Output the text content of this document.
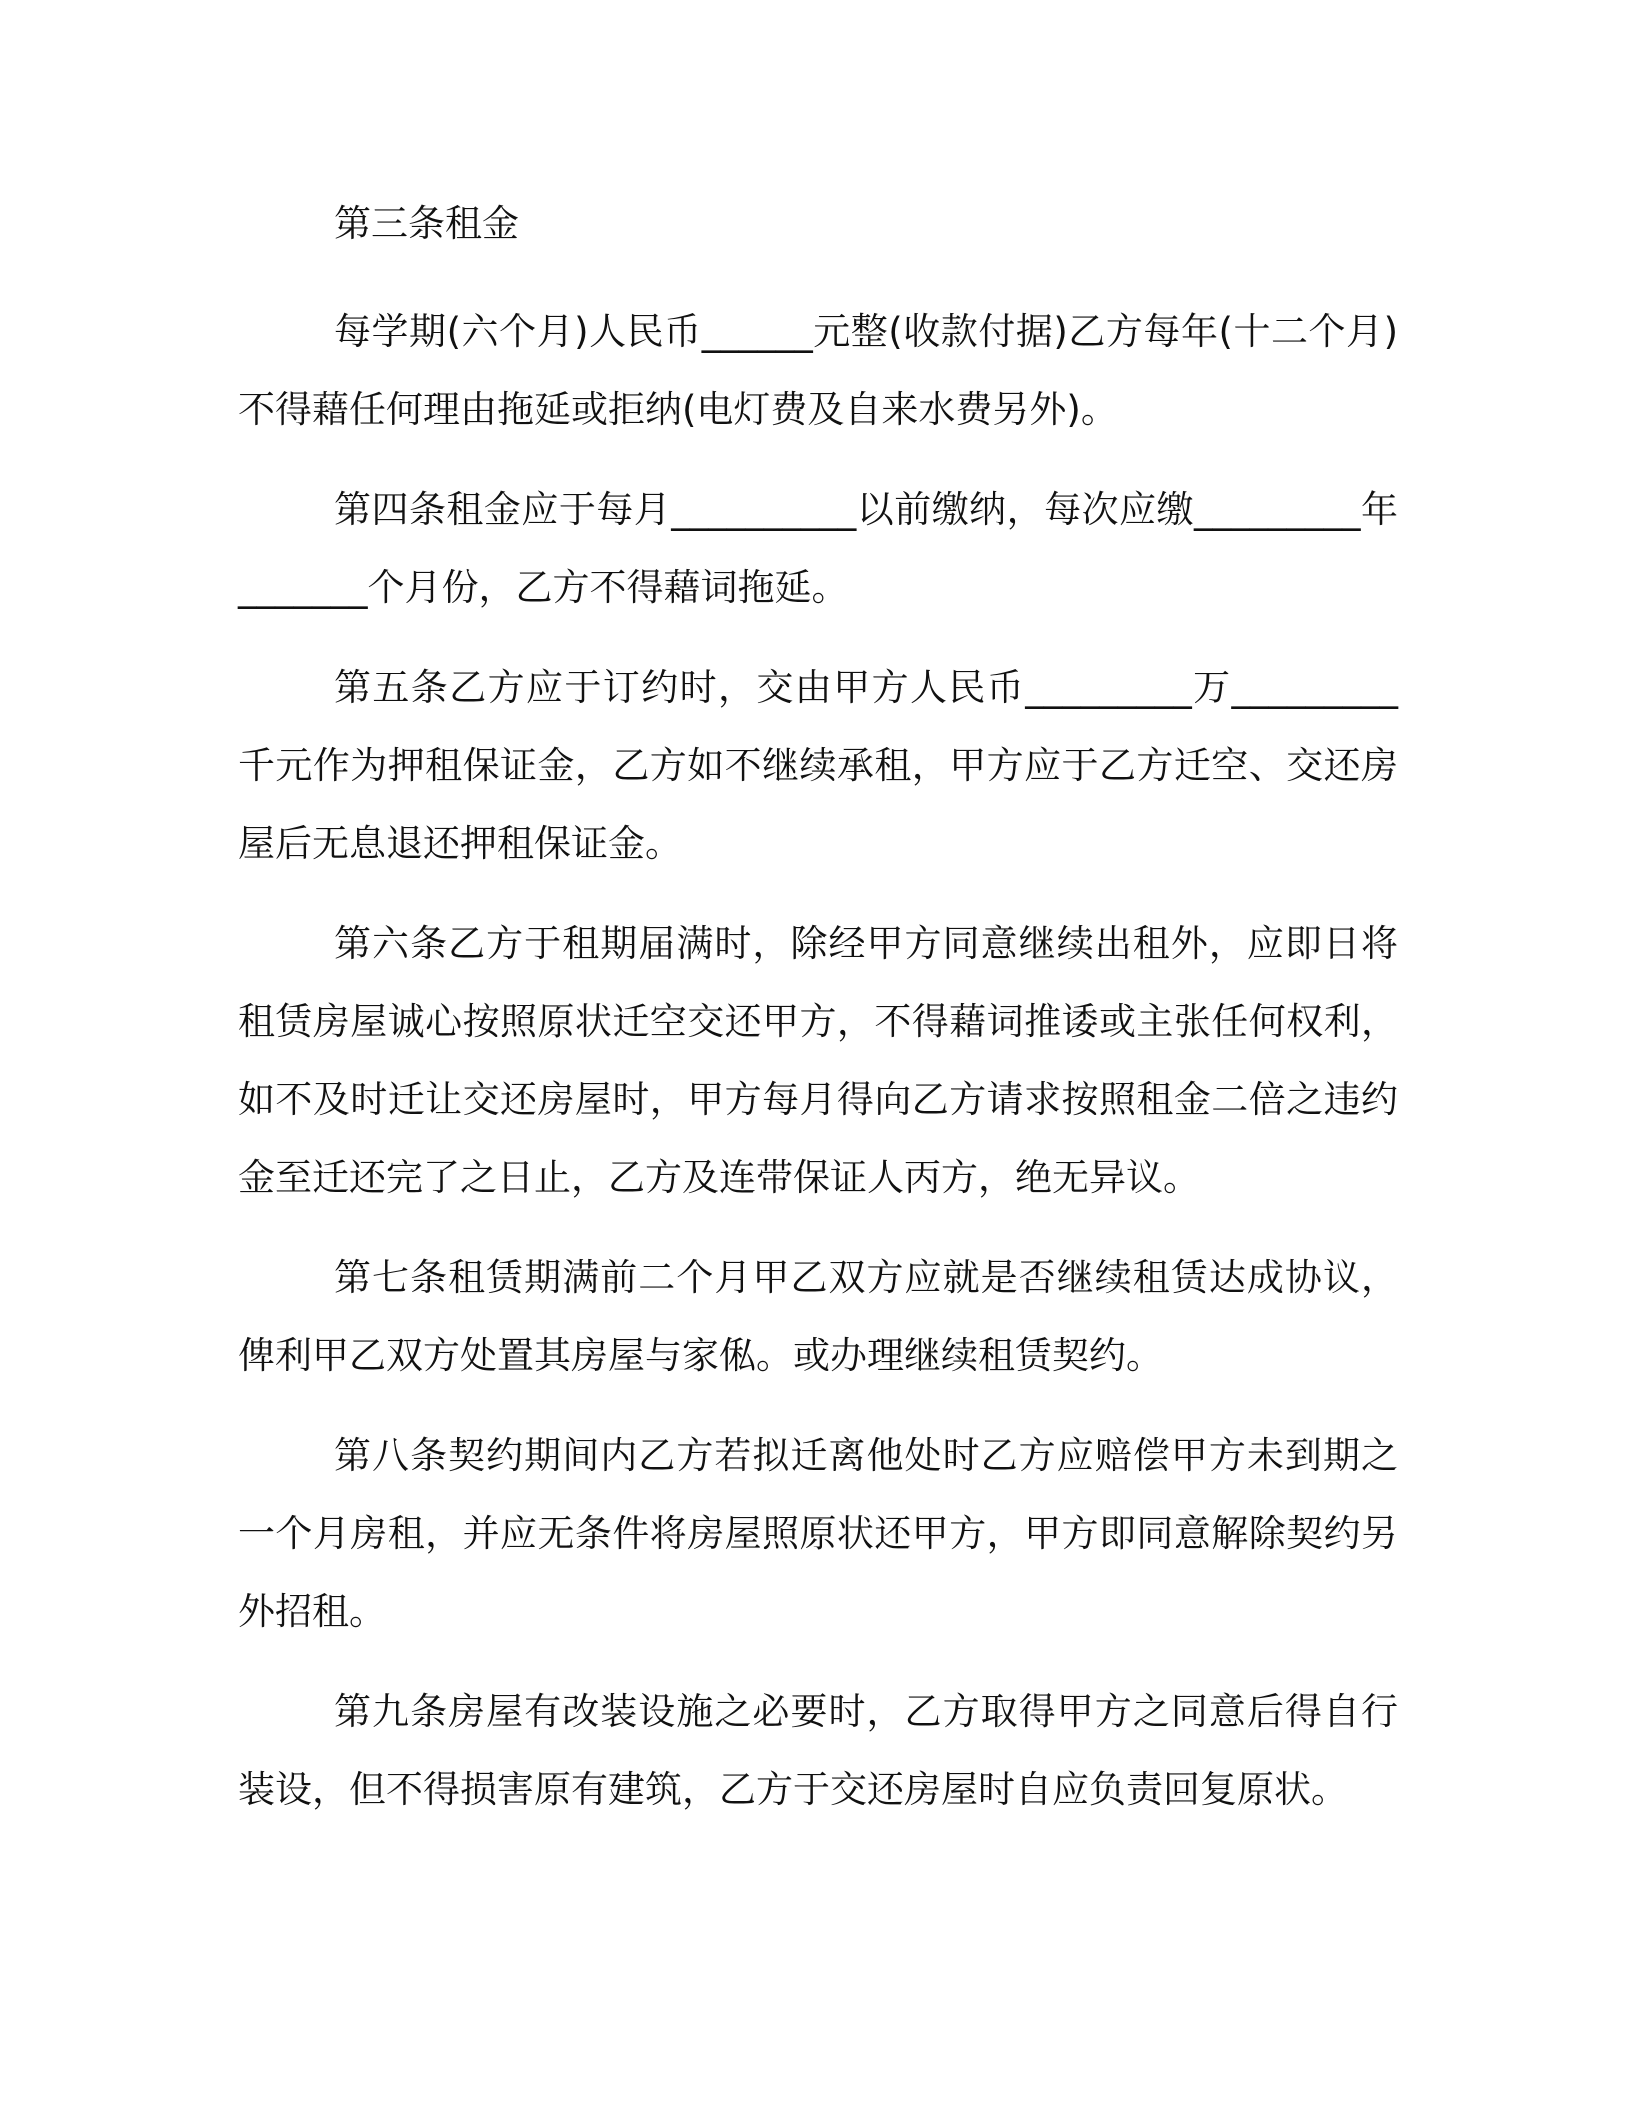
第三条租金

每学期(六个月)人民币______元整(收款付据)乙方每年(十二个月)不得藉任何理由拖延或拒纳(电灯费及自来水费另外)。

第四条租金应于每月__________以前缴纳，每次应缴_________年_______个月份，乙方不得藉词拖延。

第五条乙方应于订约时，交由甲方人民币_________万_________千元作为押租保证金，乙方如不继续承租，甲方应于乙方迁空、交还房屋后无息退还押租保证金。

第六条乙方于租期届满时，除经甲方同意继续出租外，应即日将租赁房屋诚心按照原状迁空交还甲方，不得藉词推诿或主张任何权利，如不及时迁让交还房屋时，甲方每月得向乙方请求按照租金二倍之违约金至迁还完了之日止，乙方及连带保证人丙方，绝无异议。

第七条租赁期满前二个月甲乙双方应就是否继续租赁达成协议，俾利甲乙双方处置其房屋与家俬。或办理继续租赁契约。

第八条契约期间内乙方若拟迁离他处时乙方应赔偿甲方未到期之一个月房租，并应无条件将房屋照原状还甲方，甲方即同意解除契约另外招租。

第九条房屋有改装设施之必要时，乙方取得甲方之同意后得自行装设，但不得损害原有建筑，乙方于交还房屋时自应负责回复原状。
